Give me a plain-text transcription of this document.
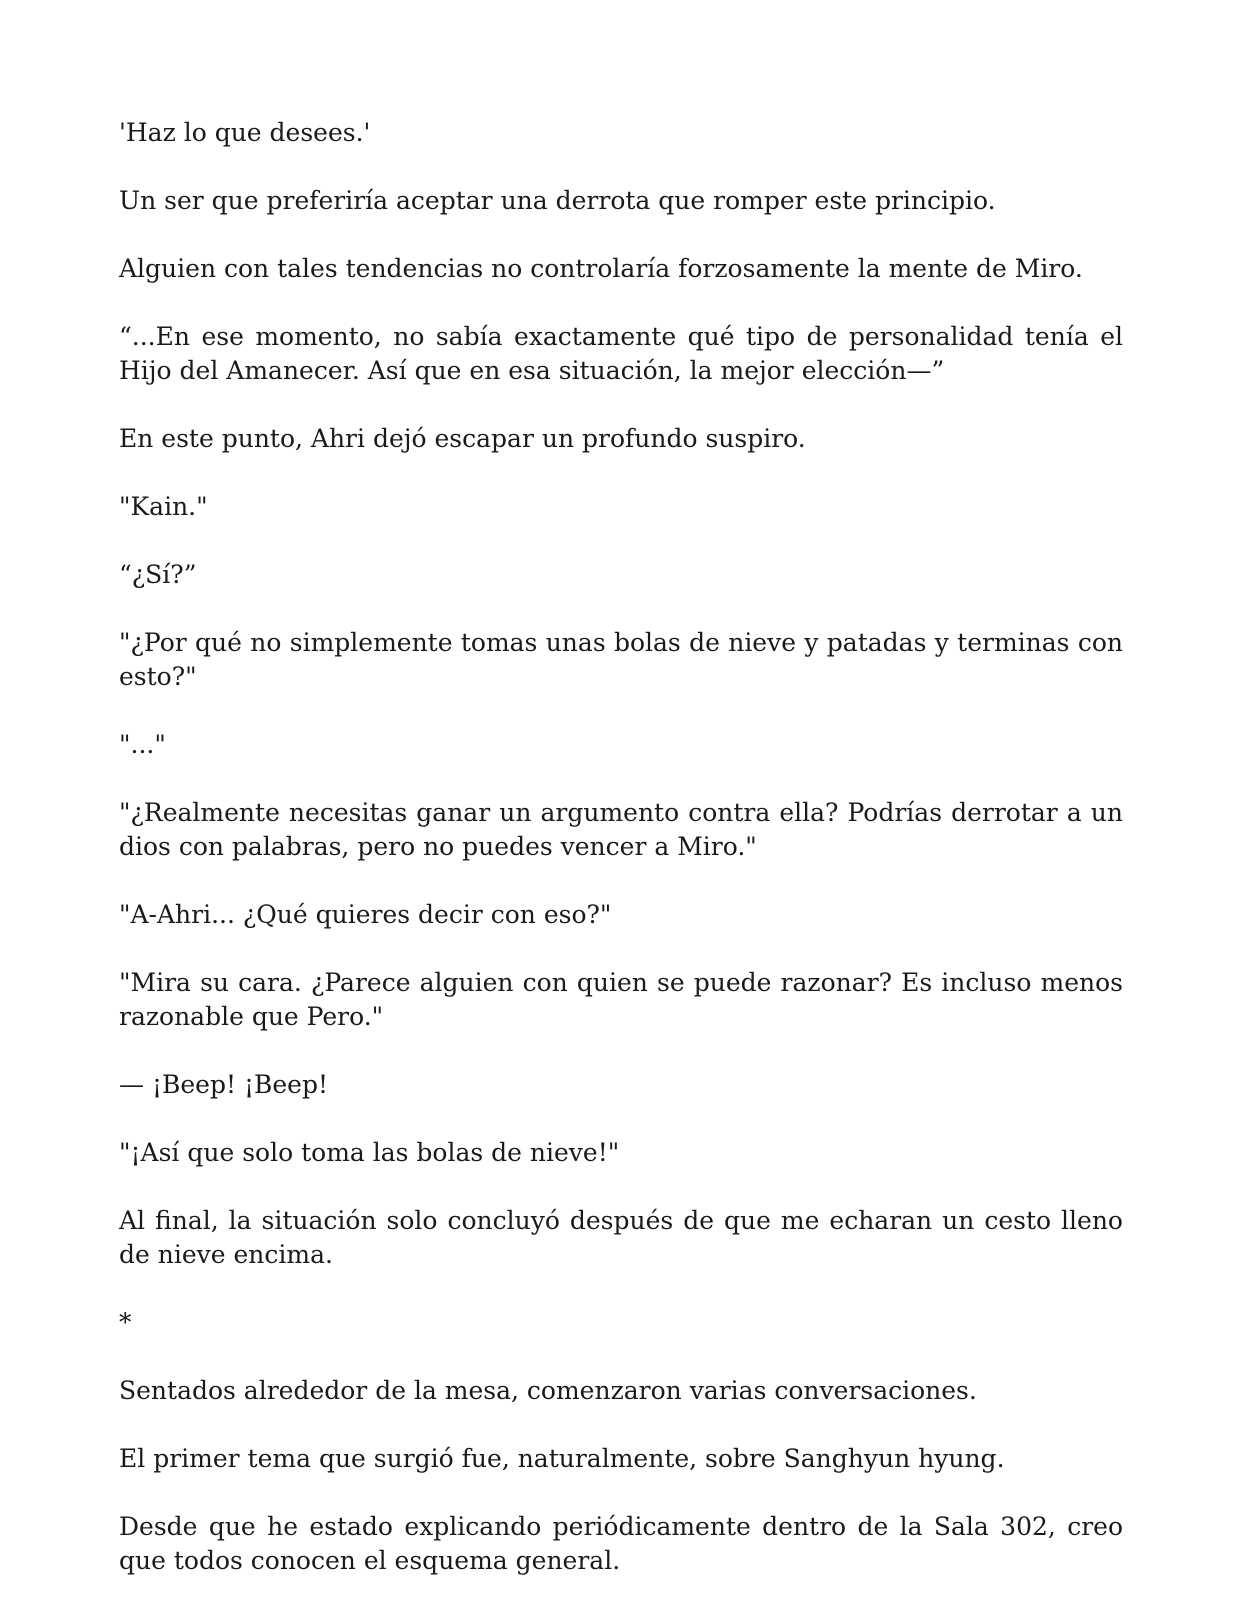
'Haz lo que desees.'

Un ser que preferiría aceptar una derrota que romper este principio.

Alguien con tales tendencias no controlaría forzosamente la mente de Miro.

“...En ese momento, no sabía exactamente qué tipo de personalidad tenía el Hijo del Amanecer. Así que en esa situación, la mejor elección—”

En este punto, Ahri dejó escapar un profundo suspiro.

"Kain."

“¿Sí?”

"¿Por qué no simplemente tomas unas bolas de nieve y patadas y terminas con esto?"

"..."

"¿Realmente necesitas ganar un argumento contra ella? Podrías derrotar a un dios con palabras, pero no puedes vencer a Miro."

"A-Ahri... ¿Qué quieres decir con eso?"

"Mira su cara. ¿Parece alguien con quien se puede razonar? Es incluso menos razonable que Pero."

— ¡Beep! ¡Beep!

"¡Así que solo toma las bolas de nieve!"

Al final, la situación solo concluyó después de que me echaran un cesto lleno de nieve encima.

*

Sentados alrededor de la mesa, comenzaron varias conversaciones.

El primer tema que surgió fue, naturalmente, sobre Sanghyun hyung.

Desde que he estado explicando periódicamente dentro de la Sala 302, creo que todos conocen el esquema general.
